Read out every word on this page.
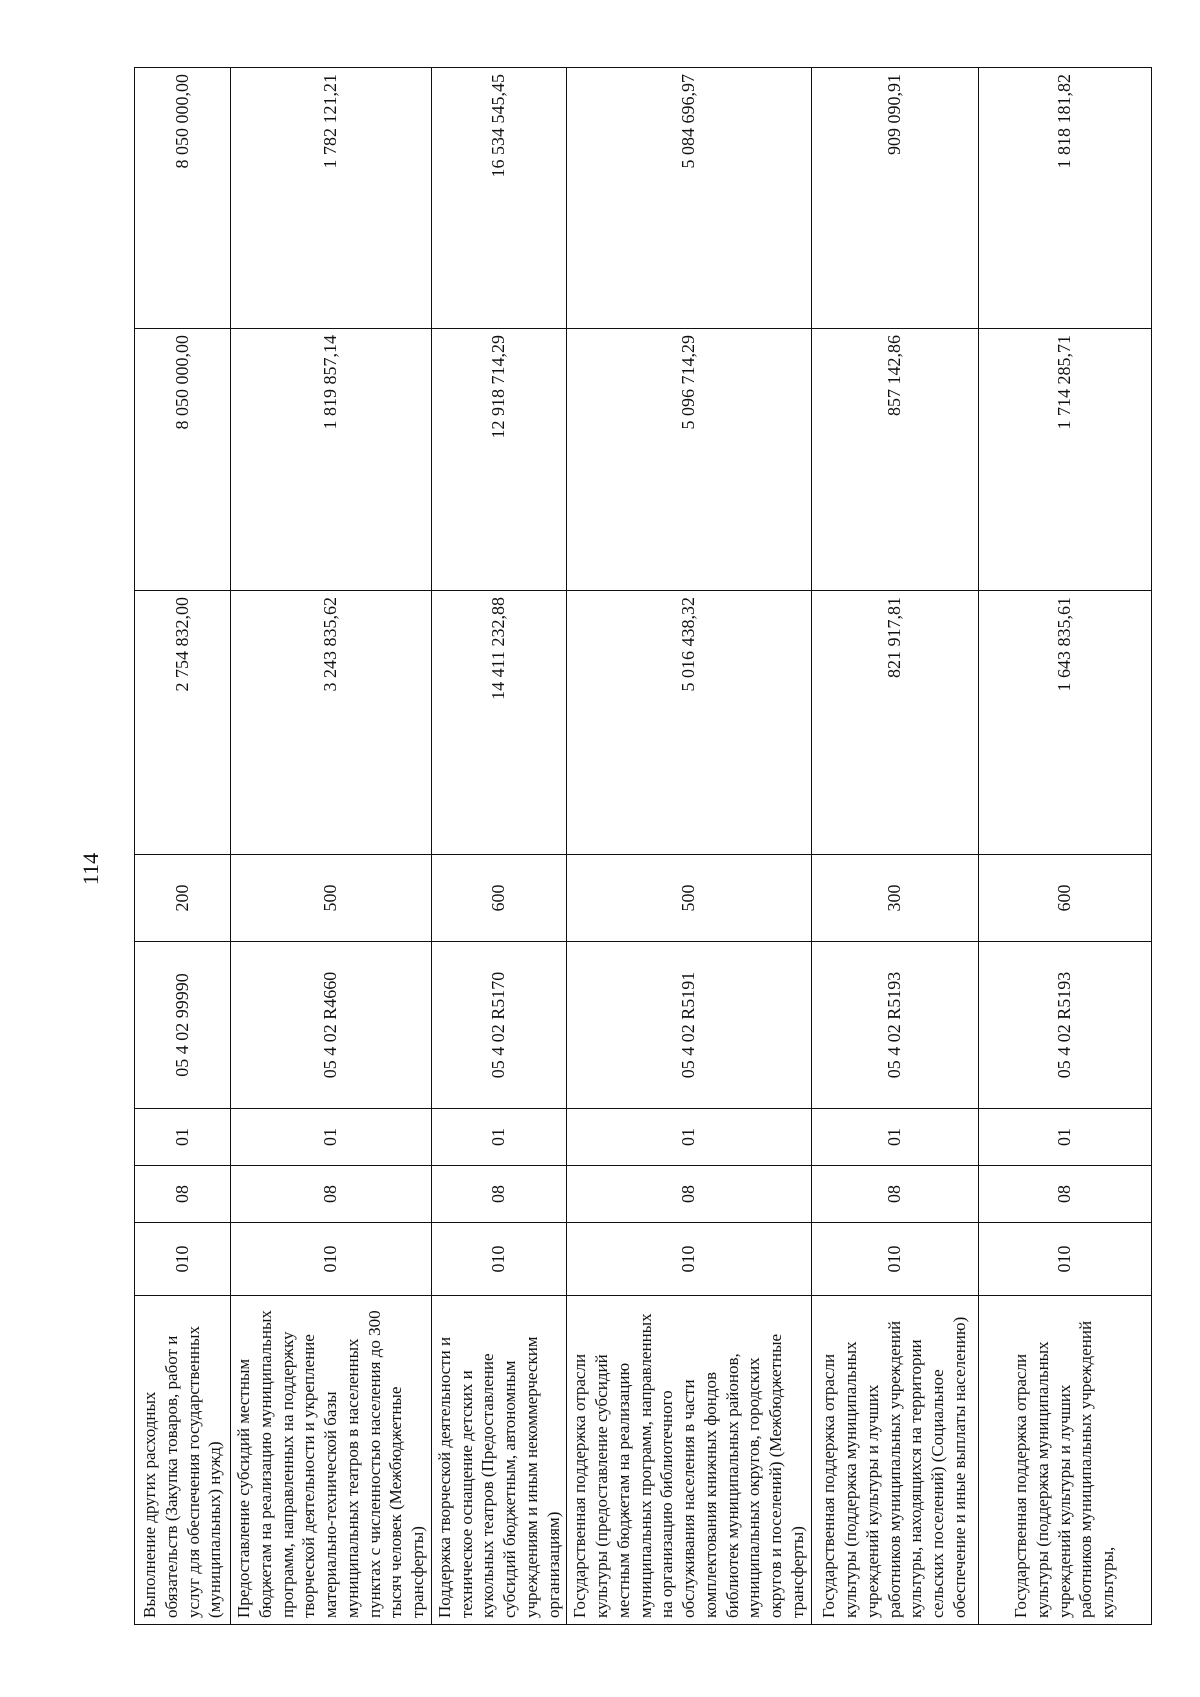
114
Выполнение других расходных обязательств (Закупка товаров, работ и услуг для обеспечения государственных (муниципальных) нужд)	010	08	01	05 4 02 99990	200	2 754 832,00	8 050 000,00	8 050 000,00
Предоставление субсидий местным бюджетам на реализацию муниципальных программ, направленных на поддержку творческой деятельности и укрепление материально-технической базы муниципальных театров в населенных пунктах с численностью населения до 300 тысяч человек (Межбюджетные трансферты)	010	08	01	05 4 02 R4660	500	3 243 835,62	1 819 857,14	1 782 121,21
Поддержка творческой деятельности и техническое оснащение детских и кукольных театров (Предоставление субсидий бюджетным, автономным учреждениям и иным некоммерческим организациям)	010	08	01	05 4 02 R5170	600	14 411 232,88	12 918 714,29	16 534 545,45
Государственная поддержка отрасли культуры (предоставление субсидий местным бюджетам на реализацию муниципальных программ, направленных на организацию библиотечного обслуживания населения в части комплектования книжных фондов библиотек муниципальных районов, муниципальных округов, городских округов и поселений) (Межбюджетные трансферты)	010	08	01	05 4 02 R5191	500	5 016 438,32	5 096 714,29	5 084 696,97
Государственная поддержка отрасли культуры (поддержка муниципальных учреждений культуры и лучших работников муниципальных учреждений культуры, находящихся на территории сельских поселений) (Социальное обеспечение и иные выплаты населению)	010	08	01	05 4 02 R5193	300	821 917,81	857 142,86	909 090,91
Государственная поддержка отрасли культуры (поддержка муниципальных учреждений культуры и лучших работников муниципальных учреждений культуры,	010	08	01	05 4 02 R5193	600	1 643 835,61	1 714 285,71	1 818 181,82
